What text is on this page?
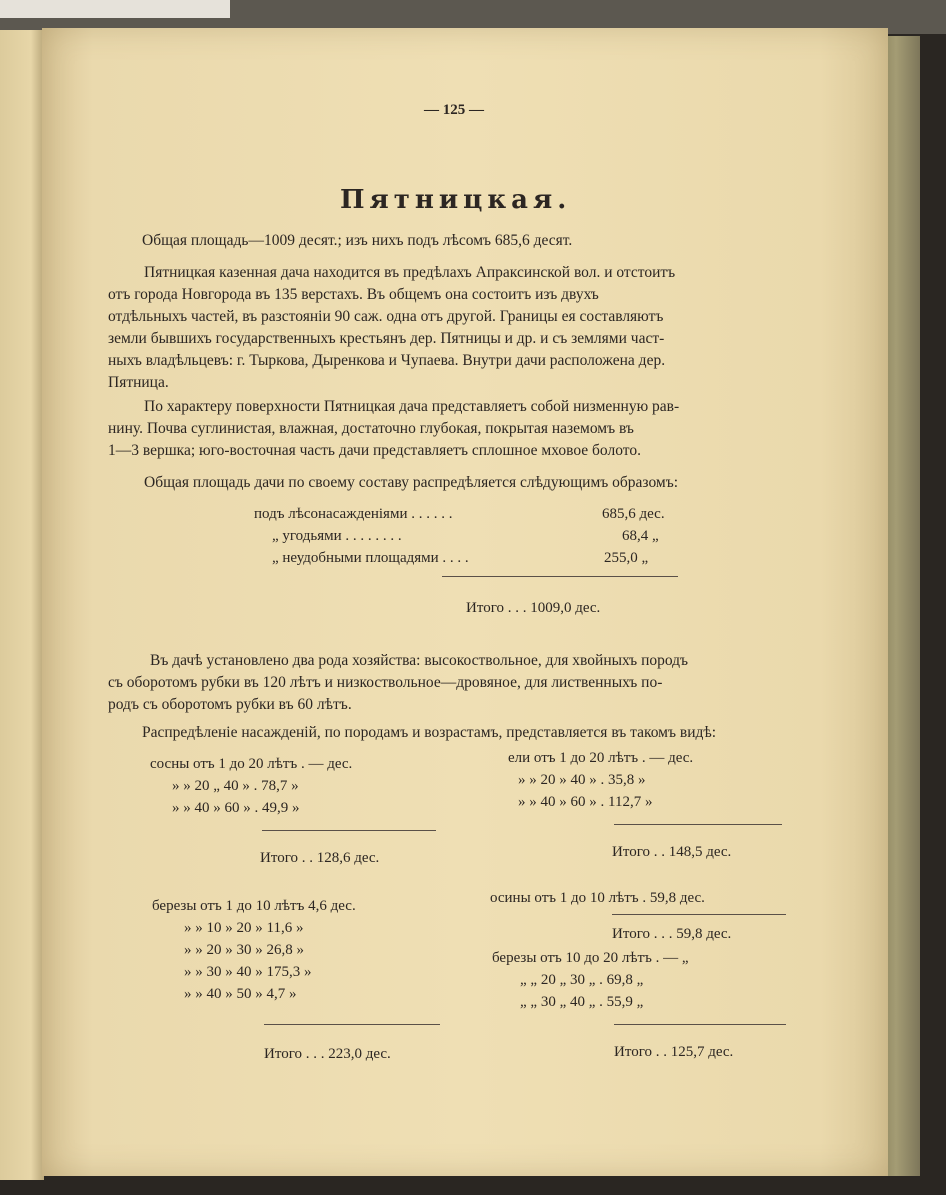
— 125 —
Пятницкая.
Общая площадь—1009 десят.; изъ нихъ подъ лѣсомъ 685,6 десят.
Пятницкая казенная дача находится въ предѣлахъ Апраксинской вол. и отстоитъ
отъ города Новгорода въ 135 верстахъ. Въ общемъ она состоитъ изъ двухъ
отдѣльныхъ частей, въ разстояніи 90 саж. одна отъ другой. Границы ея составляютъ
земли бывшихъ государственныхъ крестьянъ дер. Пятницы и др. и съ землями част-
ныхъ владѣльцевъ: г. Тыркова, Дыренкова и Чупаева. Внутри дачи расположена дер.
Пятница.
По характеру поверхности Пятницкая дача представляетъ собой низменную рав-
нину. Почва суглинистая, влажная, достаточно глубокая, покрытая наземомъ въ
1—3 вершка; юго-восточная часть дачи представляетъ сплошное мховое болото.
Общая площадь дачи по своему составу распредѣляется слѣдующимъ образомъ:
подъ лѣсонасажденіями . . . . . .	685,6 дес.
„ угодьями . . . . . . . .	68,4 „
„ неудобными площадями . . . .	255,0 „
Итого . . . 1009,0 дес.
Въ дачѣ установлено два рода хозяйства: высокоствольное, для хвойныхъ породъ
съ оборотомъ рубки въ 120 лѣтъ и низкоствольное—дровяное, для лиственныхъ по-
родъ съ оборотомъ рубки въ 60 лѣтъ.
Распредѣленіе насажденій, по породамъ и возрастамъ, представляется въ такомъ видѣ:
сосны отъ 1 до 20 лѣтъ . — дес.
» » 20 „ 40 » . 78,7 »
» » 40 » 60 » . 49,9 »
Итого . . 128,6 дес.
ели отъ 1 до 20 лѣтъ . — дес.
» » 20 » 40 » . 35,8 »
» » 40 » 60 » . 112,7 »
Итого . . 148,5 дес.
березы отъ 1 до 10 лѣтъ 4,6 дес.
» » 10 » 20 » 11,6 »
» » 20 » 30 » 26,8 »
» » 30 » 40 » 175,3 »
» » 40 » 50 » 4,7 »
Итого . . . 223,0 дес.
осины отъ 1 до 10 лѣтъ . 59,8 дес.
Итого . . . 59,8 дес.
березы отъ 10 до 20 лѣтъ . — „
„ „ 20 „ 30 „ . 69,8 „
„ „ 30 „ 40 „ . 55,9 „
Итого . . 125,7 дес.
